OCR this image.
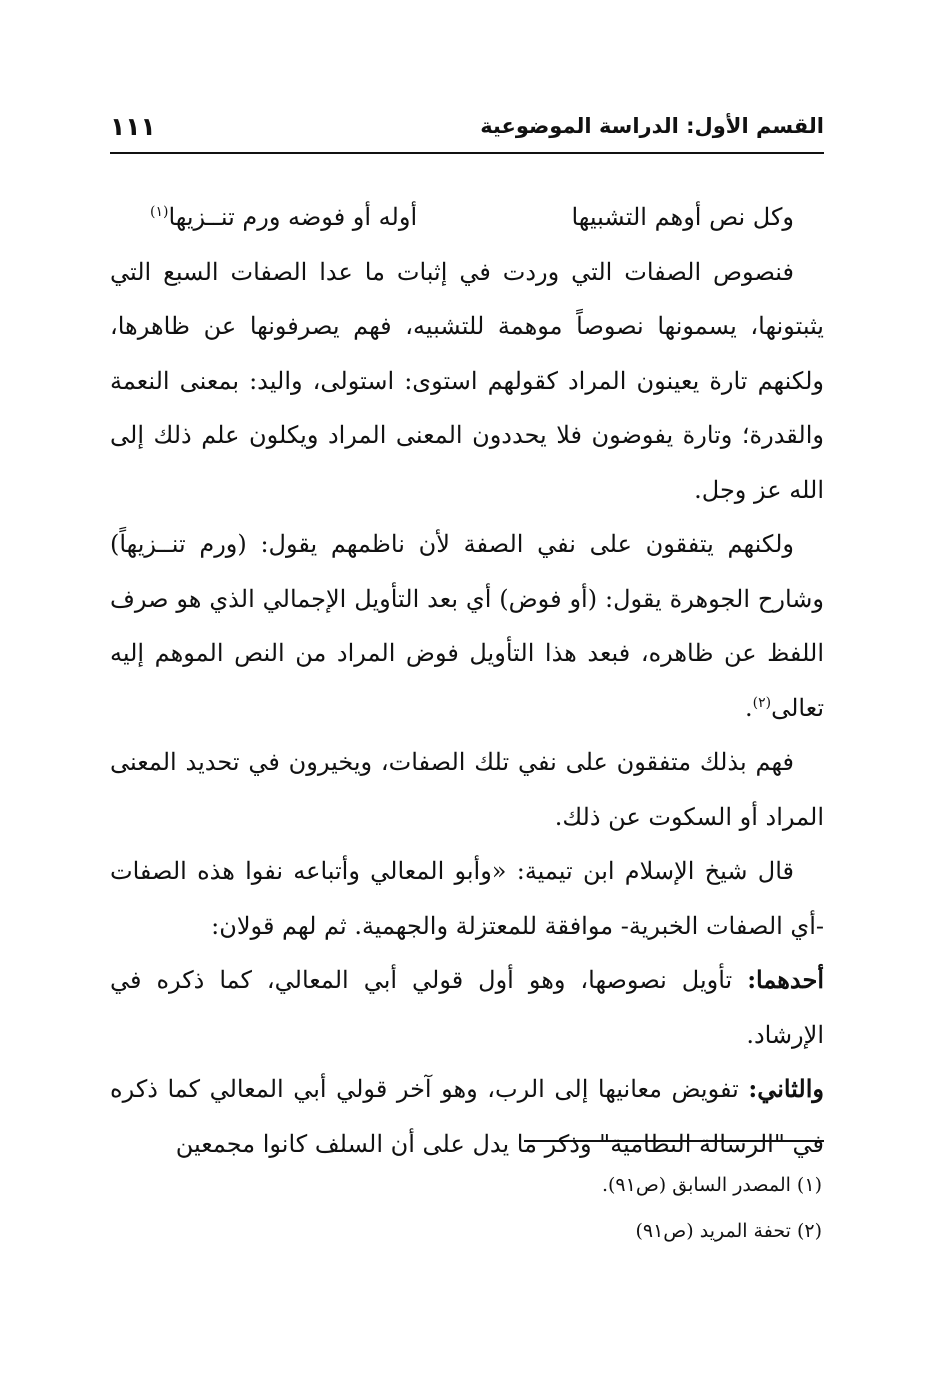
القسم الأول: الدراسة الموضوعية
١١١

وكل نص أوهم التشبيها
أوله أو فوضه ورم تنــزيها$^{(١)}$

فنصوص الصفات التي وردت في إثبات ما عدا الصفات السبع التي يثبتونها، يسمونها نصوصاً موهمة للتشبيه، فهم يصرفونها عن ظاهرها، ولكنهم تارة يعينون المراد كقولهم استوى: استولى، واليد: بمعنى النعمة والقدرة؛ وتارة يفوضون فلا يحددون المعنى المراد ويكلون علم ذلك إلى الله عز وجل.

ولكنهم يتفقون على نفي الصفة لأن ناظمهم يقول: (ورم تنــزيهاً) وشارح الجوهرة يقول: (أو فوض) أي بعد التأويل الإجمالي الذي هو صرف اللفظ عن ظاهره، فبعد هذا التأويل فوض المراد من النص الموهم إليه تعالى$^{(٢)}$.

فهم بذلك متفقون على نفي تلك الصفات، ويخيرون في تحديد المعنى المراد أو السكوت عن ذلك.

قال شيخ الإسلام ابن تيمية: «وأبو المعالي وأتباعه نفوا هذه الصفات -أي الصفات الخبرية- موافقة للمعتزلة والجهمية. ثم لهم قولان:

أحدهما: تأويل نصوصها، وهو أول قولي أبي المعالي، كما ذكره في الإرشاد.

والثاني: تفويض معانيها إلى الرب، وهو آخر قولي أبي المعالي كما ذكره في "الرسالة النظامية" وذكر ما يدل على أن السلف كانوا مجمعين

(١) المصدر السابق (ص٩١).

(٢) تحفة المريد (ص٩١)
